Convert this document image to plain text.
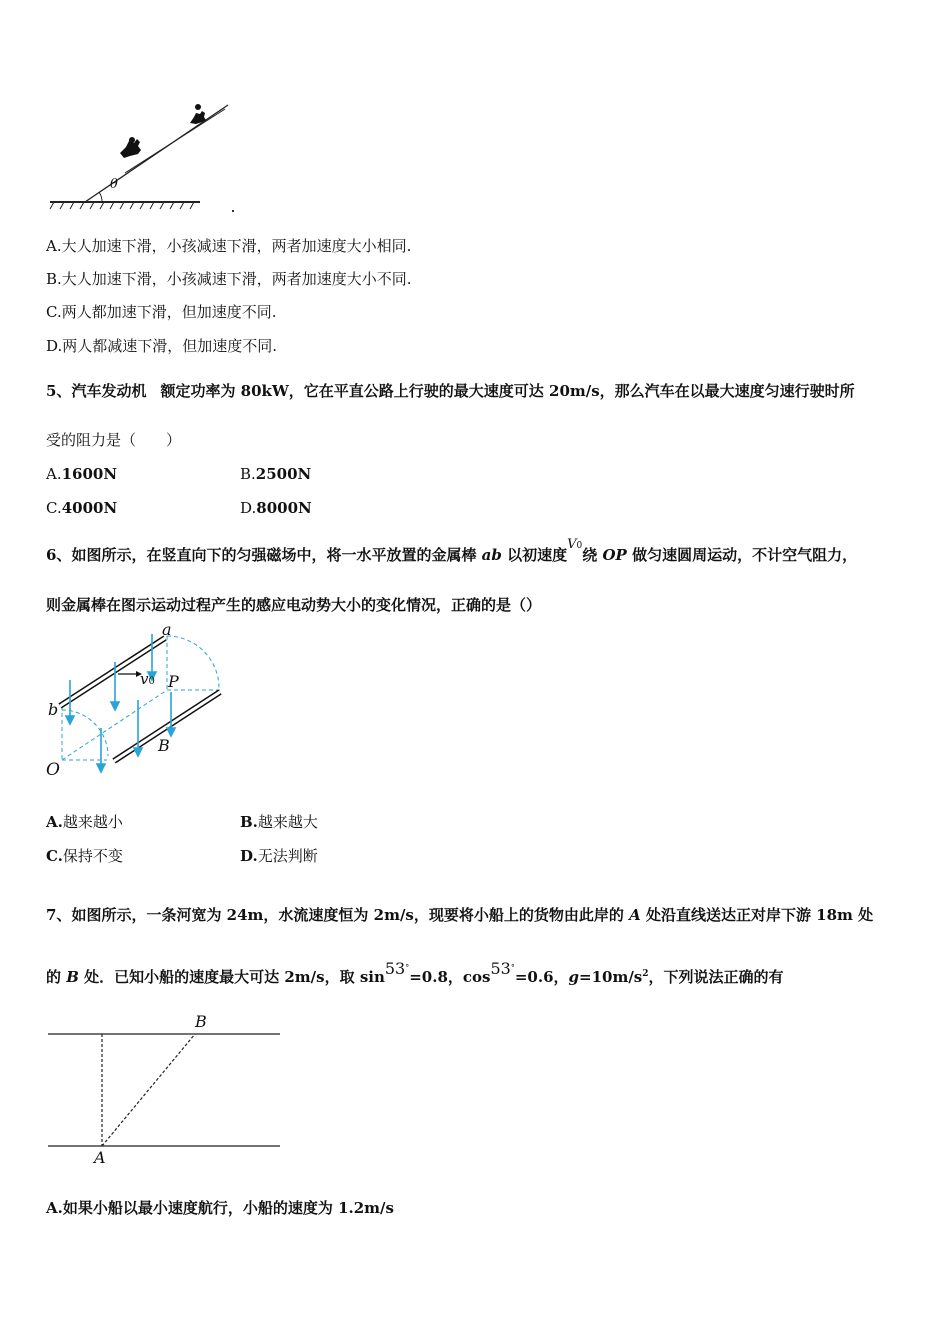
θ
A.大人加速下滑，小孩减速下滑，两者加速度大小相同.
B.大人加速下滑，小孩减速下滑，两者加速度大小不同.
C.两人都加速下滑，但加速度不同.
D.两人都减速下滑，但加速度不同.
5、汽车发动机 额定功率为 80kW，它在平直公路上行驶的最大速度可达 20m/s，那么汽车在以最大速度匀速行驶时所
受的阻力是（　　）
A.1600N	B.2500N
C.4000N	D.8000N
6、如图所示，在竖直向下的匀强磁场中，将一水平放置的金属棒 ab 以初速度V0绕 OP 做匀速圆周运动，不计空气阻力，
则金属棒在图示运动过程产生的感应电动势大小的变化情况，正确的是（）
a
b
P
O
B
v0
A.越来越小	B.越来越大
C.保持不变	D.无法判断
7、如图所示，一条河宽为 24m，水流速度恒为 2m/s，现要将小船上的货物由此岸的 A 处沿直线送达正对岸下游 18m 处
的 B 处．已知小船的速度最大可达 2m/s，取 sin53°=0.8，cos53°=0.6，$g=10m/s^2$，下列说法正确的有
B
A
A.如果小船以最小速度航行，小船的速度为 1.2m/s
